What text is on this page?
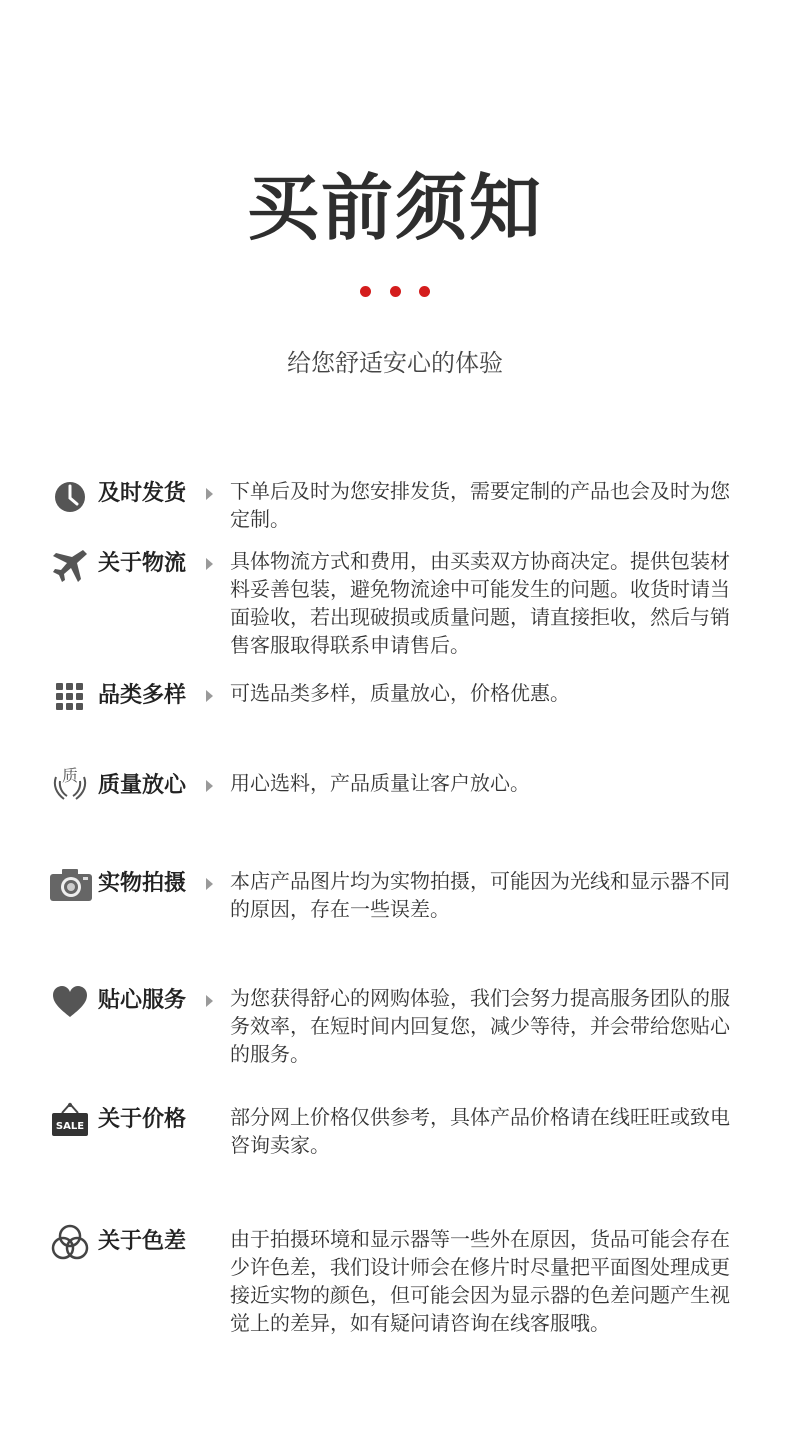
买前须知
给您舒适安心的体验
及时发货 下单后及时为您安排发货，需要定制的产品也会及时为您定制。
关于物流 具体物流方式和费用，由买卖双方协商决定。提供包装材料妥善包装，避免物流途中可能发生的问题。收货时请当面验收，若出现破损或质量问题，请直接拒收，然后与销售客服取得联系申请售后。
品类多样 可选品类多样，质量放心，价格优惠。
质 质量放心 用心选料，产品质量让客户放心。
实物拍摄 本店产品图片均为实物拍摄，可能因为光线和显示器不同的原因，存在一些误差。
贴心服务 为您获得舒心的网购体验，我们会努力提高服务团队的服务效率，在短时间内回复您，减少等待，并会带给您贴心的服务。
SALE 关于价格 部分网上价格仅供参考，具体产品价格请在线旺旺或致电咨询卖家。
关于色差 由于拍摄环境和显示器等一些外在原因，货品可能会存在少许色差，我们设计师会在修片时尽量把平面图处理成更接近实物的颜色，但可能会因为显示器的色差问题产生视觉上的差异，如有疑问请咨询在线客服哦。
